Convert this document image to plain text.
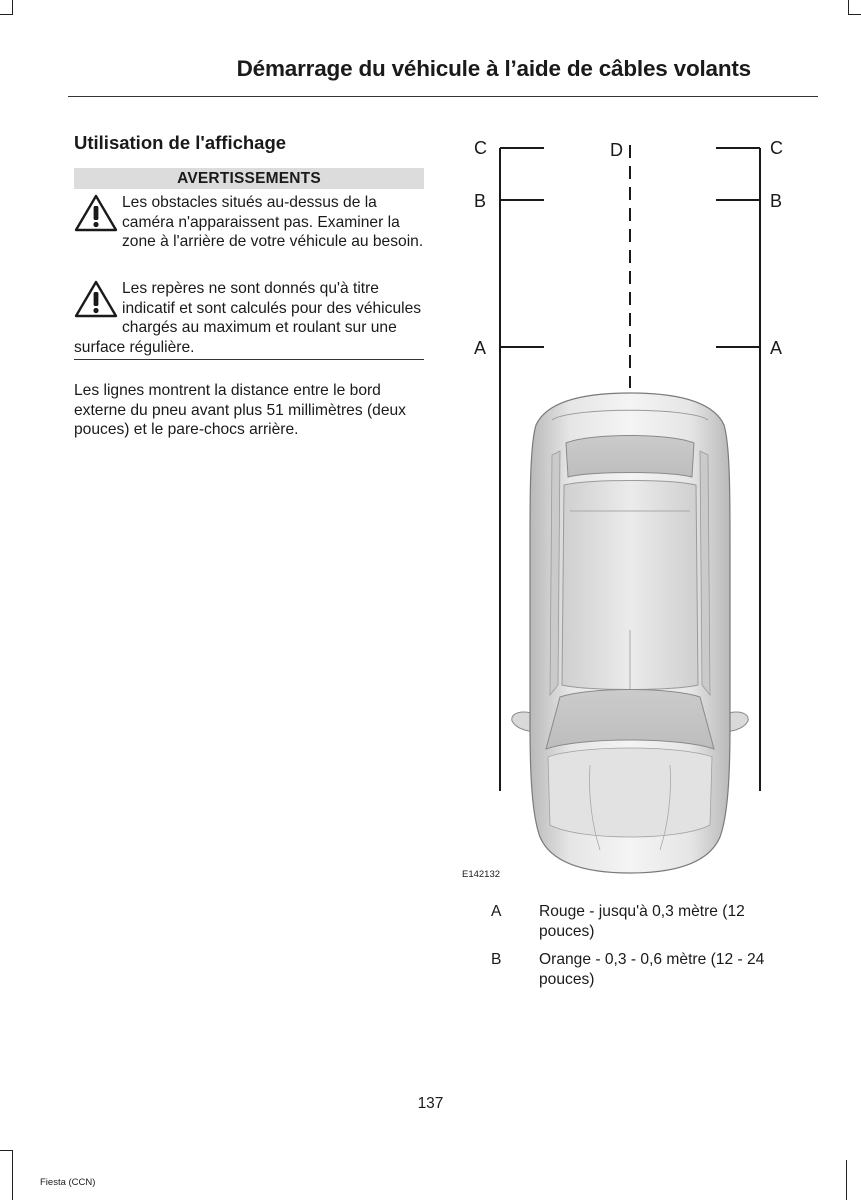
Démarrage du véhicule à l’aide de câbles volants
Utilisation de l'affichage
AVERTISSEMENTS

Les obstacles situés au-dessus de la caméra n'apparaissent pas. Examiner la zone à l'arrière de votre véhicule au besoin.

Les repères ne sont donnés qu'à titre indicatif et sont calculés pour des véhicules chargés au maximum et roulant sur une surface régulière.

Les lignes montrent la distance entre le bord externe du pneu avant plus 51 millimètres (deux pouces) et le pare-chocs arrière.

C	C
D
B	B
A	A
E142132
A Rouge - jusqu'à 0,3 mètre (12 pouces)
B Orange - 0,3 - 0,6 mètre (12 - 24 pouces)
137
Fiesta (CCN)
